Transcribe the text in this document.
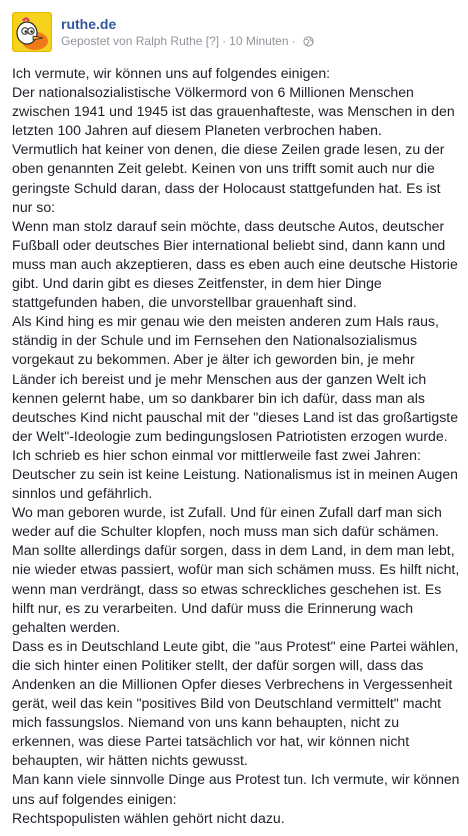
ruthe.de
Gepostet von
Ralph Ruthe
[?] · 10 Minuten ·
Ich vermute, wir können uns auf folgendes einigen:
Der nationalsozialistische Völkermord von 6 Millionen Menschen
zwischen 1941 und 1945 ist das grauenhafteste, was Menschen in den
letzten 100 Jahren auf diesem Planeten verbrochen haben.
Vermutlich hat keiner von denen, die diese Zeilen grade lesen, zu der
oben genannten Zeit gelebt. Keinen von uns trifft somit auch nur die
geringste Schuld daran, dass der Holocaust stattgefunden hat. Es ist
nur so:
Wenn man stolz darauf sein möchte, dass deutsche Autos, deutscher
Fußball oder deutsches Bier international beliebt sind, dann kann und
muss man auch akzeptieren, dass es eben auch eine deutsche Historie
gibt. Und darin gibt es dieses Zeitfenster, in dem hier Dinge
stattgefunden haben, die unvorstellbar grauenhaft sind.
Als Kind hing es mir genau wie den meisten anderen zum Hals raus,
ständig in der Schule und im Fernsehen den Nationalsozialismus
vorgekaut zu bekommen. Aber je älter ich geworden bin, je mehr
Länder ich bereist und je mehr Menschen aus der ganzen Welt ich
kennen gelernt habe, um so dankbarer bin ich dafür, dass man als
deutsches Kind nicht pauschal mit der "dieses Land ist das großartigste
der Welt"-Ideologie zum bedingungslosen Patriotisten erzogen wurde.
Ich schrieb es hier schon einmal vor mittlerweile fast zwei Jahren:
Deutscher zu sein ist keine Leistung. Nationalismus ist in meinen Augen
sinnlos und gefährlich.
Wo man geboren wurde, ist Zufall. Und für einen Zufall darf man sich
weder auf die Schulter klopfen, noch muss man sich dafür schämen.
Man sollte allerdings dafür sorgen, dass in dem Land, in dem man lebt,
nie wieder etwas passiert, wofür man sich schämen muss. Es hilft nicht,
wenn man verdrängt, dass so etwas schreckliches geschehen ist. Es
hilft nur, es zu verarbeiten. Und dafür muss die Erinnerung wach
gehalten werden.
Dass es in Deutschland Leute gibt, die "aus Protest" eine Partei wählen,
die sich hinter einen Politiker stellt, der dafür sorgen will, dass das
Andenken an die Millionen Opfer dieses Verbrechens in Vergessenheit
gerät, weil das kein "positives Bild von Deutschland vermittelt" macht
mich fassungslos. Niemand von uns kann behaupten, nicht zu
erkennen, was diese Partei tatsächlich vor hat, wir können nicht
behaupten, wir hätten nichts gewusst.
Man kann viele sinnvolle Dinge aus Protest tun. Ich vermute, wir können
uns auf folgendes einigen:
Rechtspopulisten wählen gehört nicht dazu.
